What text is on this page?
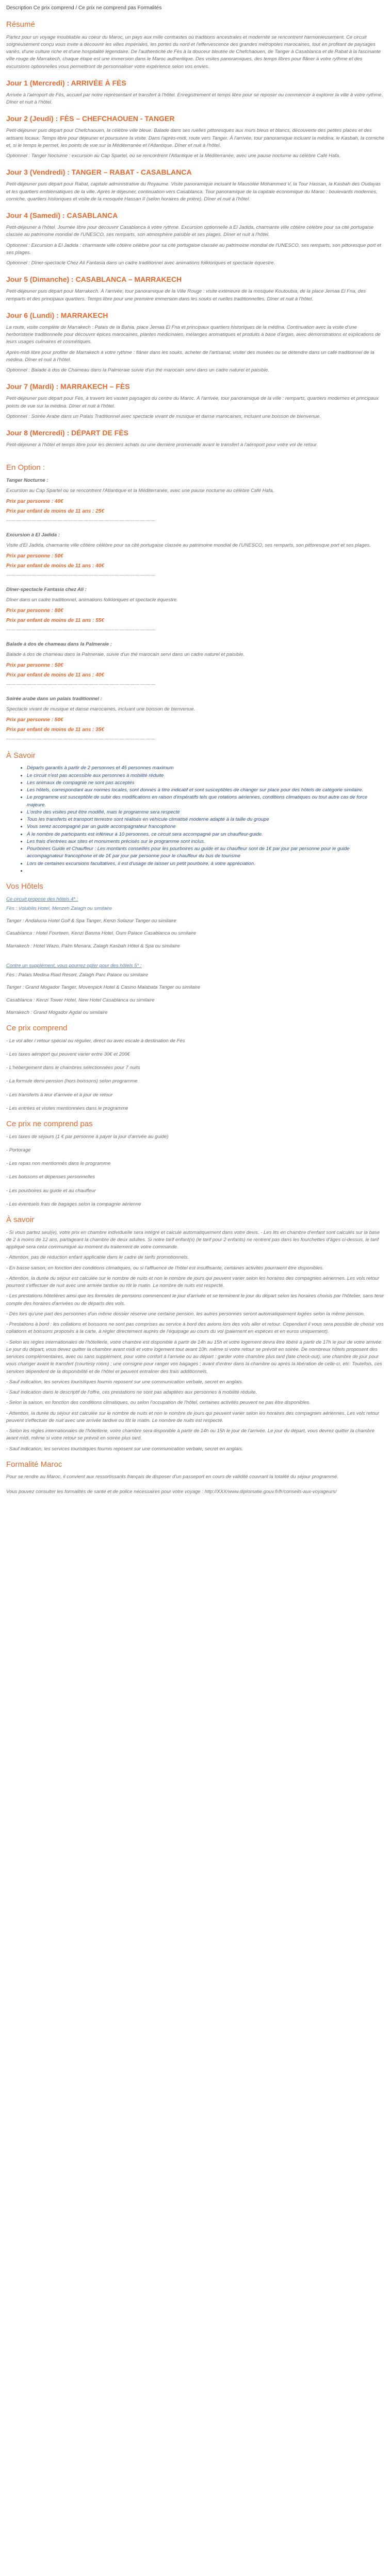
Description Ce prix comprend / Ce prix ne comprend pas Formalités
Résumé

Partez pour un voyage inoubliable au coeur du Maroc, un pays aux mille contrastes où traditions ancestrales et modernité se rencontrent harmonieusement. Ce circuit soigneusement conçu vous invite à découvrir les villes impériales, les portes du nord et l'effervescence des grandes métropoles marocaines, tout en profitant de paysages variés, d'une culture riche et d'une hospitalité légendaire. De l'authenticité de Fès à la douceur bleutée de Chefchaouen, de Tanger à Casablanca et de Rabat à la fascinante ville rouge de Marrakech, chaque étape est une immersion dans le Maroc authentique. Des visites panoramiques, des temps libres pour flâner à votre rythme et des excursions optionnelles vous permettront de personnaliser votre expérience selon vos envies.

Jour 1 (Mercredi) : ARRIVÉE À FÈS

Arrivée à l'aéroport de Fès, accueil par notre représentant et transfert à l'hôtel. Enregistrement et temps libre pour se reposer ou commencer à explorer la ville à votre rythme. Dîner et nuit à l'hôtel.

Jour 2 (Jeudi) : FÈS – CHEFCHAOUEN - TANGER

Petit-déjeuner puis départ pour Chefchaouen, la célèbre ville bleue. Balade dans ses ruelles pittoresques aux murs bleus et blancs, découverte des petites places et des artisans locaux. Temps libre pour déjeuner et poursuivre la visite. Dans l'après-midi, route vers Tanger. À l'arrivée, tour panoramique incluant la médina, le Kasbah, la corniche et, si le temps le permet, les points de vue sur la Méditerranée et l'Atlantique. Dîner et nuit à l'hôtel.

Optionnel : Tanger Nocturne : excursion au Cap Spartel, où se rencontrent l'Atlantique et la Méditerranée, avec une pause nocturne au célèbre Café Hafa.

Jour 3 (Vendredi) : TANGER – RABAT - CASABLANCA

Petit-déjeuner puis départ pour Rabat, capitale administrative du Royaume. Visite panoramique incluant le Mausolée Mohammed V, la Tour Hassan, la Kasbah des Oudayas et les quartiers emblématiques de la ville. Après le déjeuner, continuation vers Casablanca. Tour panoramique de la capitale économique du Maroc : boulevards modernes, corniche, quartiers historiques et visite de la mosquée Hassan II (selon horaires de prière). Dîner et nuit à l'hôtel.

Jour 4 (Samedi) : CASABLANCA

Petit-déjeuner à l'hôtel. Journée libre pour découvrir Casablanca à votre rythme. Excursion optionnelle à El Jadida, charmante ville côtière célèbre pour sa cité portugaise classée au patrimoine mondial de l'UNESCO, ses remparts, son atmosphère paisible et ses plages. Dîner et nuit à l'hôtel.

Optionnel : Excursion à El Jadida : charmante ville côtière célèbre pour sa cité portugaise classée au patrimoine mondial de l'UNESCO, ses remparts, son pittoresque port et ses plages.

Optionnel : Dîner-spectacle Chez Ali Fantasia dans un cadre traditionnel avec animations folkloriques et spectacle équestre.

Jour 5 (Dimanche) : CASABLANCA – MARRAKECH

Petit-déjeuner puis départ pour Marrakech. À l'arrivée, tour panoramique de la Ville Rouge : visite extérieure de la mosquée Koutoubia, de la place Jemaa El Fna, des remparts et des principaux quartiers. Temps libre pour une première immersion dans les souks et ruelles traditionnelles. Dîner et nuit à l'hôtel.

Jour 6 (Lundi) : MARRAKECH

La route, visite complète de Marrakech : Palais de la Bahia, place Jemaa El Fna et principaux quartiers historiques de la médina. Continuation avec la visite d'une herboristerie traditionnelle pour découvrir épices marocaines, plantes médicinales, mélanges aromatiques et produits à base d'argan, avec démonstrations et explications de leurs usages culinaires et cosmétiques.

Après-midi libre pour profiter de Marrakech à votre rythme : flâner dans les souks, acheter de l'artisanat, visiter des musées ou se détendre dans un café traditionnel de la médina. Dîner et nuit à l'hôtel.

Optionnel : Balade à dos de Chameau dans la Palmeraie suivie d'un thé marocain servi dans un cadre naturel et paisible.

Jour 7 (Mardi) : MARRAKECH – FÈS

Petit-déjeuner puis départ pour Fès, à travers les vastes paysages du centre du Maroc. À l'arrivée, tour panoramique de la ville : remparts, quartiers modernes et principaux points de vue sur la médina. Dîner et nuit à l'hôtel.

Optionnel : Soirée Arabe dans un Palais Traditionnel avec spectacle vivant de musique et danse marocaines, incluant une boisson de bienvenue.

Jour 8 (Mercredi) : DÉPART DE FÈS

Petit-déjeuner à l'hôtel et temps libre pour les derniers achats ou une dernière promenade avant le transfert à l'aéroport pour votre vol de retour.

En Option :

Tanger Nocturne :

Excursion au Cap Spartel où se rencontrent l'Atlantique et la Méditerranée, avec une pause nocturne au célèbre Café Hafa.

Prix par personne : 40€
Prix par enfant de moins de 11 ans : 25€
—————————————————————————————

Excursion à El Jadida :

Visite d'El Jadida, charmante ville côtière célèbre pour sa cité portugaise classée au patrimoine mondial de l'UNESCO, ses remparts, son pittoresque port et ses plages.

Prix par personne : 50€
Prix par enfant de moins de 11 ans : 40€
—————————————————————————————

Dîner-spectacle Fantasia chez Ali :

Dîner dans un cadre traditionnel, animations folkloriques et spectacle équestre.

Prix par personne : 80€
Prix par enfant de moins de 11 ans : 55€
—————————————————————————————

Balade à dos de chameau dans la Palmeraie :

Balade à dos de chameau dans la Palmeraie, suivie d'un thé marocain servi dans un cadre naturel et paisible.

Prix par personne : 50€
Prix par enfant de moins de 11 ans : 40€
—————————————————————————————

Soirée arabe dans un palais traditionnel :

Spectacle vivant de musique et danse marocaines, incluant une boisson de bienvenue.

Prix par personne : 50€
Prix par enfant de moins de 11 ans : 35€
—————————————————————————————
À Savoir
• Départs garantis à partir de 2 personnes et 45 personnes maximum
• Le circuit n'est pas accessible aux personnes à mobilité réduite
• Les animaux de compagnie ne sont pas acceptés
• Les hôtels, correspondant aux normes locales, sont donnés à titre indicatif et sont susceptibles de changer sur place pour des hôtels de catégorie similaire.
• Le programme est susceptible de subir des modifications en raison d'impératifs tels que rotations aériennes, conditions climatiques ou tout autre cas de force majeure.
• L'ordre des visites peut être modifié, mais le programme sera respecté
• Tous les transferts et transport terrestre sont réalisés en véhicule climatisé moderne adapté à la taille du groupe
• Vous serez accompagné par un guide accompagnateur francophone
• À le nombre de participants est inférieur à 10 personnes, ce circuit sera accompagné par un chauffeur-guide.
• Les frais d'entrées aux sites et monuments précisés sur le programme sont inclus.
• Pourboires Guide et Chauffeur : Les montants conseillés pour les pourboires au guide et au chauffeur sont de 1€ par jour par personne pour le guide accompagnateur francophone et de 1€ par jour par personne pour le chauffeur du bus de tourisme
• Lors de certaines excursions facultatives, il est d'usage de laisser un petit pourboire, à votre appréciation.
•
Vos Hôtels

Ce circuit propose des hôtels 4* :

Fès : Volubilis Hotel, Menzeh Zalagh ou similaire

Tanger : Andalucia Hotel Golf & Spa Tanger, Kenzi Solazur Tanger ou similaire

Casablanca : Hotel Fourteen, Kenzi Basma Hotel, Oum Palace Casablanca ou similaire

Marrakech : Hotel Wazo, Palm Menara, Zalagh Kasbah Hôtel & Spa ou similaire

Contre un supplément, vous pourrez opter pour des hôtels 5* :

Fès : Palais Medina Riad Resort, Zalagh Parc Palace ou similaire

Tanger : Grand Mogador Tanger, Movenpick Hotel & Casino Malabata Tanger ou similaire

Casablanca : Kenzi Tower Hotel, New Hotel Casablanca ou similaire

Marrakech : Grand Mogador Agdal ou similaire

Ce prix comprend

- Le vol aller / retour spécial ou régulier, direct ou avec escale à destination de Fès

- Les taxes aéroport qui peuvent varier entre 30€ et 200€

- L'hébergement dans le chambres sélectionnées pour 7 nuits

- La formule demi-pension (hors boissons) selon programme

- Les transferts à leur d'arrivée et à jour de retour

- Les entrées et visites mentionnées dans le programme

Ce prix ne comprend pas

- Les taxes de séjours (1 € par personne à payer la jour d'arrivée au guide)

- Portorage

- Les repas non mentionnés dans le programme

- Les boissons et dépenses personnelles

- Les pourboires au guide et au chauffeur

- Les éventuels frais de bagages selon la compagnie aérienne

À savoir

- Si vous partez seul(e), votre prix en chambre individuelle sera intégré et calculé automatiquement dans votre devis. - Les lits en chambre d'enfant sont calculés sur la base de 2 à moins de 12 ans, partageant la chambre de deux adultes. Si notre tarif enfant(s) (le tarif pour 2 enfants) ne rentrent pas dans les fourchettes d'âges ci-dessus, le tarif appliqué sera celui communiqué au moment du traitement de votre commande.

- Attention, pas de réduction enfant applicable dans le cadre de tarifs promotionnels.

- En basse saison, en fonction des conditions climatiques, ou si l'affluence de l'hôtel est insuffisante, certaines activités pourraient être disponibles.

- Attention, la durée du séjour est calculée sur le nombre de nuits et non le nombre de jours qui peuvent varier selon les horaires des compagnies aériennes. Les vols retour pourront s'effectuer de nuit avec une arrivée tardive ou tôt le matin. Le nombre de nuits est respecté.

- Les prestations hôtelières ainsi que les formules de pensions commencent le jour d'arrivée et se terminent le jour du départ selon les horaires choisis par l'hôtelier, sans tenir compte des horaires d'arrivées ou de départs des vols.

- Dès lors qu'une part des personnes d'un même dossier réserve une certaine pension, les autres personnes seront automatiquement logées selon la même pension.

- Prestations à bord : les collations et boissons ne sont pas comprises au service à bord des avions lors des vols aller et retour. Cependant il vous sera possible de choisir vos collations et boissons proposés à la carte, à régler directement auprès de l'équipage au cours du vol (paiement en espèces et en euros uniquement).

- Selon les règles internationales de l'hôtellerie, votre chambre est disponible à partir de 14h au 15h et votre logement devra être libéré à partir de 17h le jour de votre arrivée. Le jour du départ, vous devez quitter la chambre avant midi et votre logement tout avant 10h. même si votre retour se prévoit en soirée. De nombreux hôtels proposent des services complémentaires, avec ou sans supplément, pour votre confort à l'arrivée ou au départ : garder votre chambre plus tard (late check-out), une chambre de jour pour vous changer avant le transfert (courtesy room) ; une consigne pour ranger vos bagages ; avant d'entrer dans la chambre ou après la libération de celle-ci, etc. Toutefois, ces services dépendent de la disponibilité et de l'hôtel et peuvent entraîner des frais additionnels.

- Sauf indication, les services touristiques fournis reposent sur une communication verbale, secret en anglais.

- Sauf indication dans le descriptif de l'offre, ces prestations ne sont pas adaptées aux personnes à mobilité réduite.

- Selon la saison, en fonction des conditions climatiques, ou selon l'occupation de l'hôtel, certaines activités peuvent ne pas être disponibles.

- Attention, la durée du séjour est calculée sur le nombre de nuits et non le nombre de jours qui peuvent varier selon les horaires des compagnies aériennes. Les vols retour peuvent s'effectuer de nuit avec une arrivée tardive ou tôt le matin. Le nombre de nuits est respecté.

- Selon les règles internationales de l'hôtellerie, votre chambre sera disponible à partir de 14h ou 15h le jour de l'arrivée. Le jour du départ, vous devrez quitter la chambre avant midi, même si votre retour se prévoit en soirée plus tard.

- Sauf indication, les services touristiques fournis reposent sur une communication verbale, secret en anglais.

Formalité Maroc

Pour se rendre au Maroc, il convient aux ressortissants français de disposer d'un passeport en cours de validité couvrant la totalité du séjour programmé.

Vous pouvez consulter les formalités de santé et de police nécessaires pour votre voyage : http://XXX/www.diplomatie.gouv.fr/fr/conseils-aux-voyageurs/
